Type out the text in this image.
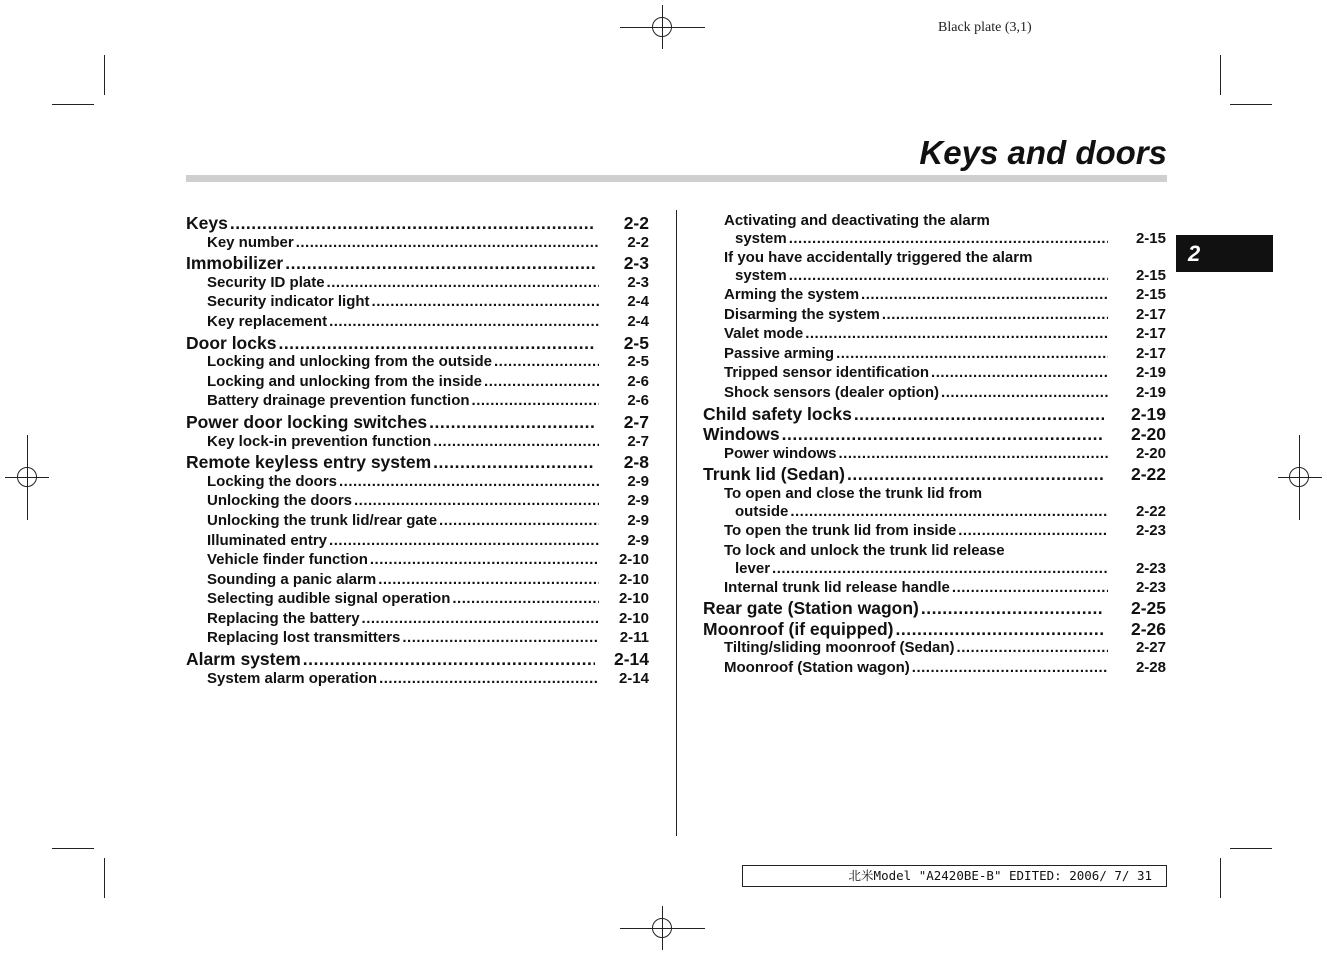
Black plate (3,1)
Keys and doors
2
Keys .....	2-2
Key number .....	2-2
Immobilizer .....	2-3
Security ID plate .....	2-3
Security indicator light .....	2-4
Key replacement .....	2-4
Door locks .....	2-5
Locking and unlocking from the outside .....	2-5
Locking and unlocking from the inside .....	2-6
Battery drainage prevention function .....	2-6
Power door locking switches .....	2-7
Key lock-in prevention function .....	2-7
Remote keyless entry system .....	2-8
Locking the doors .....	2-9
Unlocking the doors .....	2-9
Unlocking the trunk lid/rear gate .....	2-9
Illuminated entry .....	2-9
Vehicle finder function .....	2-10
Sounding a panic alarm .....	2-10
Selecting audible signal operation .....	2-10
Replacing the battery .....	2-10
Replacing lost transmitters .....	2-11
Alarm system .....	2-14
System alarm operation .....	2-14
Activating and deactivating the alarm
system .....	2-15
If you have accidentally triggered the alarm
system .....	2-15
Arming the system .....	2-15
Disarming the system .....	2-17
Valet mode .....	2-17
Passive arming .....	2-17
Tripped sensor identification .....	2-19
Shock sensors (dealer option) .....	2-19
Child safety locks .....	2-19
Windows .....	2-20
Power windows .....	2-20
Trunk lid (Sedan) .....	2-22
To open and close the trunk lid from
outside .....	2-22
To open the trunk lid from inside .....	2-23
To lock and unlock the trunk lid release
lever .....	2-23
Internal trunk lid release handle .....	2-23
Rear gate (Station wagon) .....	2-25
Moonroof (if equipped) .....	2-26
Tilting/sliding moonroof (Sedan) .....	2-27
Moonroof (Station wagon) .....	2-28
北米Model "A2420BE-B" EDITED: 2006/ 7/ 31
